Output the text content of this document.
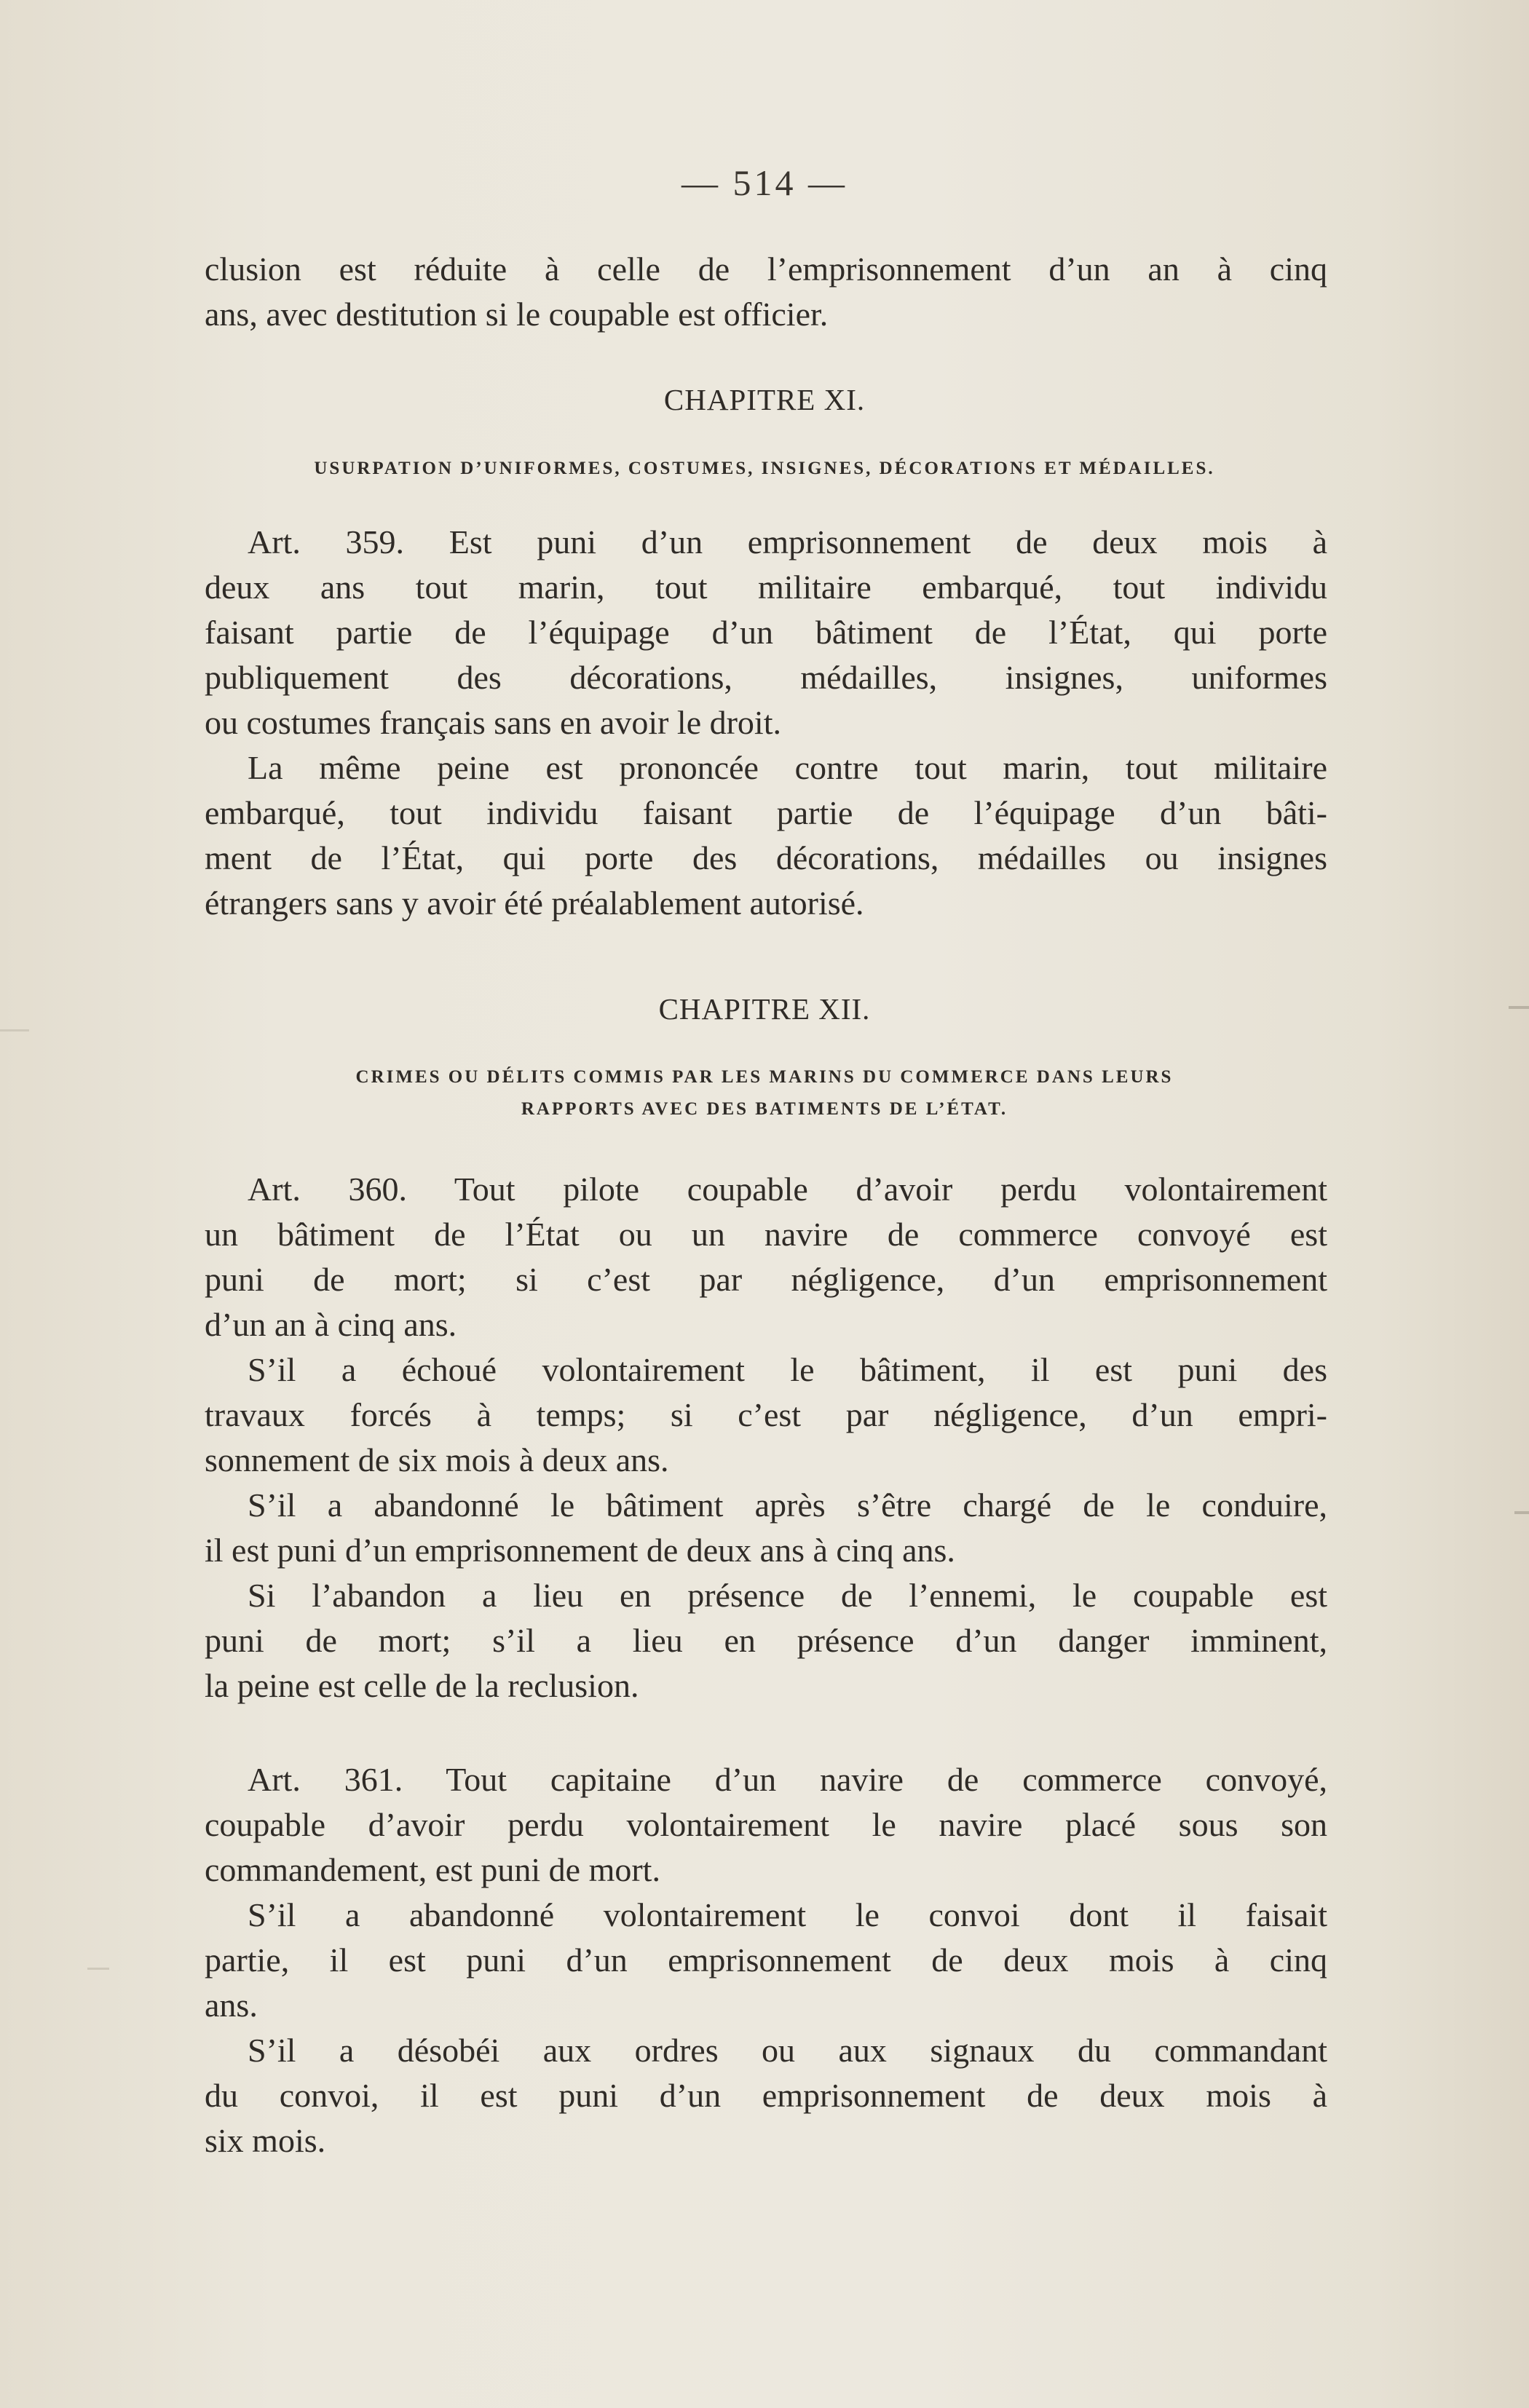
— 514 —
clusion est réduite à celle de l’emprisonnement d’un an à cinq
ans, avec destitution si le coupable est officier.
CHAPITRE XI.
USURPATION D’UNIFORMES, COSTUMES, INSIGNES, DÉCORATIONS ET MÉDAILLES.
Art. 359. Est puni d’un emprisonnement de deux mois à
deux ans tout marin, tout militaire embarqué, tout individu
faisant partie de l’équipage d’un bâtiment de l’État, qui porte
publiquement des décorations, médailles, insignes, uniformes
ou costumes français sans en avoir le droit.
La même peine est prononcée contre tout marin, tout militaire
embarqué, tout individu faisant partie de l’équipage d’un bâti-
ment de l’État, qui porte des décorations, médailles ou insignes
étrangers sans y avoir été préalablement autorisé.
CHAPITRE XII.
CRIMES OU DÉLITS COMMIS PAR LES MARINS DU COMMERCE DANS LEURS
RAPPORTS AVEC DES BATIMENTS DE L’ÉTAT.
Art. 360. Tout pilote coupable d’avoir perdu volontairement
un bâtiment de l’État ou un navire de commerce convoyé est
puni de mort; si c’est par négligence, d’un emprisonnement
d’un an à cinq ans.
S’il a échoué volontairement le bâtiment, il est puni des
travaux forcés à temps; si c’est par négligence, d’un empri-
sonnement de six mois à deux ans.
S’il a abandonné le bâtiment après s’être chargé de le conduire,
il est puni d’un emprisonnement de deux ans à cinq ans.
Si l’abandon a lieu en présence de l’ennemi, le coupable est
puni de mort; s’il a lieu en présence d’un danger imminent,
la peine est celle de la reclusion.
Art. 361. Tout capitaine d’un navire de commerce convoyé,
coupable d’avoir perdu volontairement le navire placé sous son
commandement, est puni de mort.
S’il a abandonné volontairement le convoi dont il faisait
partie, il est puni d’un emprisonnement de deux mois à cinq
ans.
S’il a désobéi aux ordres ou aux signaux du commandant
du convoi, il est puni d’un emprisonnement de deux mois à
six mois.
